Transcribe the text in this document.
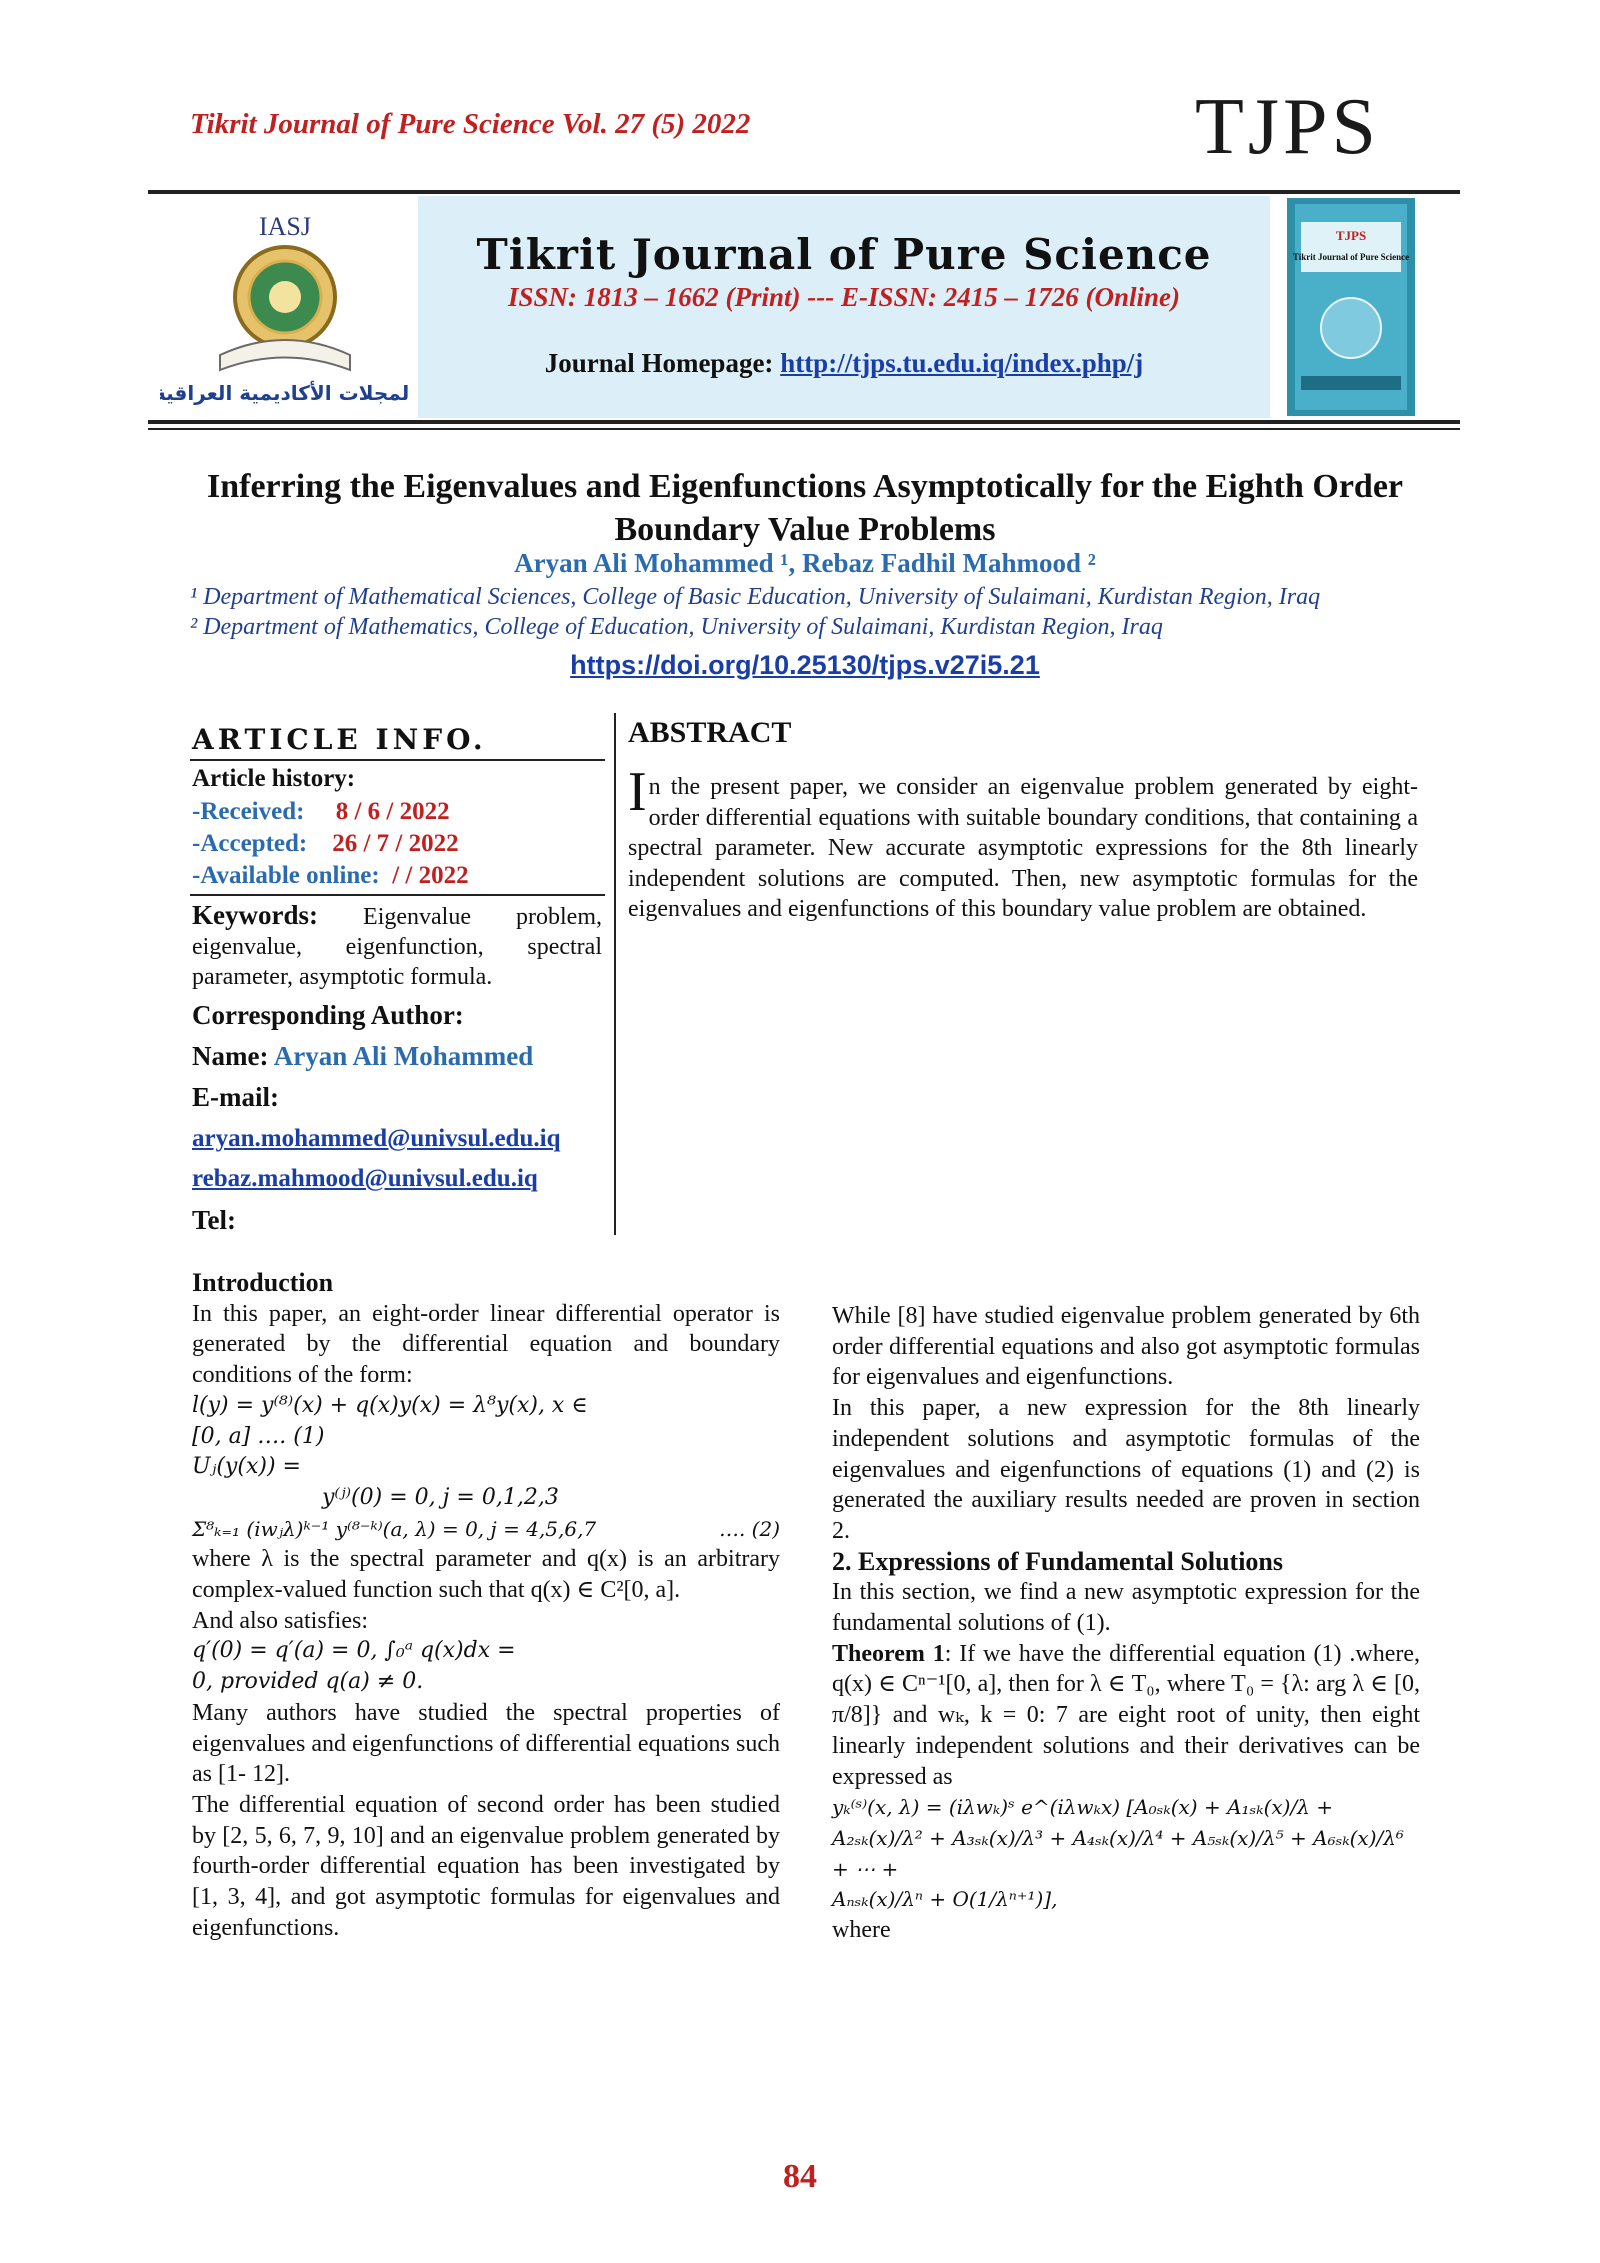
Tikrit Journal of Pure Science Vol. 27 (5) 2022	TJPS
IASJ
المجلات الأكاديمية العراقية
Tikrit Journal of Pure Science
ISSN: 1813 – 1662 (Print) --- E-ISSN: 2415 – 1726 (Online)
Journal Homepage: http://tjps.tu.edu.iq/index.php/j
TJPS
Tikrit Journal of Pure Science
Inferring the Eigenvalues and Eigenfunctions Asymptotically for the Eighth Order Boundary Value Problems
Aryan Ali Mohammed ¹, Rebaz Fadhil Mahmood ²
¹ Department of Mathematical Sciences, College of Basic Education, University of Sulaimani, Kurdistan Region, Iraq
² Department of Mathematics, College of Education, University of Sulaimani, Kurdistan Region, Iraq
https://doi.org/10.25130/tjps.v27i5.21
ARTICLE INFO.
Article history:
-Received: 8 / 6 / 2022
-Accepted: 26 / 7 / 2022
-Available online: / / 2022
Keywords: Eigenvalue problem, eigenvalue, eigenfunction, spectral parameter, asymptotic formula.
Corresponding Author:
Name: Aryan Ali Mohammed
E-mail:
aryan.mohammed@univsul.edu.iq
rebaz.mahmood@univsul.edu.iq
Tel:
ABSTRACT
In the present paper, we consider an eigenvalue problem generated by eight- order differential equations with suitable boundary conditions, that containing a spectral parameter. New accurate asymptotic expressions for the 8th linearly independent solutions are computed. Then, new asymptotic formulas for the eigenvalues and eigenfunctions of this boundary value problem are obtained.
Introduction
In this paper, an eight-order linear differential operator is generated by the differential equation and boundary conditions of the form:
l(y) = y⁽⁸⁾(x) + q(x)y(x) = λ⁸y(x), x ∈
[0, a] …. (1)
Uⱼ(y(x)) =
y⁽ʲ⁾(0) = 0, j = 0,1,2,3
Σ⁸ₖ₌₁ (iwⱼλ)ᵏ⁻¹ y⁽⁸⁻ᵏ⁾(a, λ) = 0, j = 4,5,6,7	…. (2)
where λ is the spectral parameter and q(x) is an arbitrary complex-valued function such that q(x) ∈ C²[0, a].
And also satisfies:
q′(0) = q′(a) = 0, ∫₀ᵃ q(x)dx =
0, provided q(a) ≠ 0.
Many authors have studied the spectral properties of eigenvalues and eigenfunctions of differential equations such as [1- 12].
The differential equation of second order has been studied by [2, 5, 6, 7, 9, 10] and an eigenvalue problem generated by fourth-order differential equation has been investigated by [1, 3, 4], and got asymptotic formulas for eigenvalues and eigenfunctions.
While [8] have studied eigenvalue problem generated by 6th order differential equations and also got asymptotic formulas for eigenvalues and eigenfunctions.
In this paper, a new expression for the 8th linearly independent solutions and asymptotic formulas of the eigenvalues and eigenfunctions of equations (1) and (2) is generated the auxiliary results needed are proven in section 2.
2. Expressions of Fundamental Solutions
In this section, we find a new asymptotic expression for the fundamental solutions of (1).
Theorem 1: If we have the differential equation (1) .where, q(x) ∈ Cⁿ⁻¹[0, a], then for λ ∈ T₀, where T₀ = {λ: arg λ ∈ [0, π/8]} and wₖ, k = 0: 7 are eight root of unity, then eight linearly independent solutions and their derivatives can be expressed as
yₖ⁽ˢ⁾(x, λ) = (iλwₖ)ˢ e^(iλwₖx) [A₀ₛₖ(x) + A₁ₛₖ(x)/λ +
A₂ₛₖ(x)/λ² + A₃ₛₖ(x)/λ³ + A₄ₛₖ(x)/λ⁴ + A₅ₛₖ(x)/λ⁵ + A₆ₛₖ(x)/λ⁶ + ⋯ +
Aₙₛₖ(x)/λⁿ + O(1/λⁿ⁺¹)],
where
84
